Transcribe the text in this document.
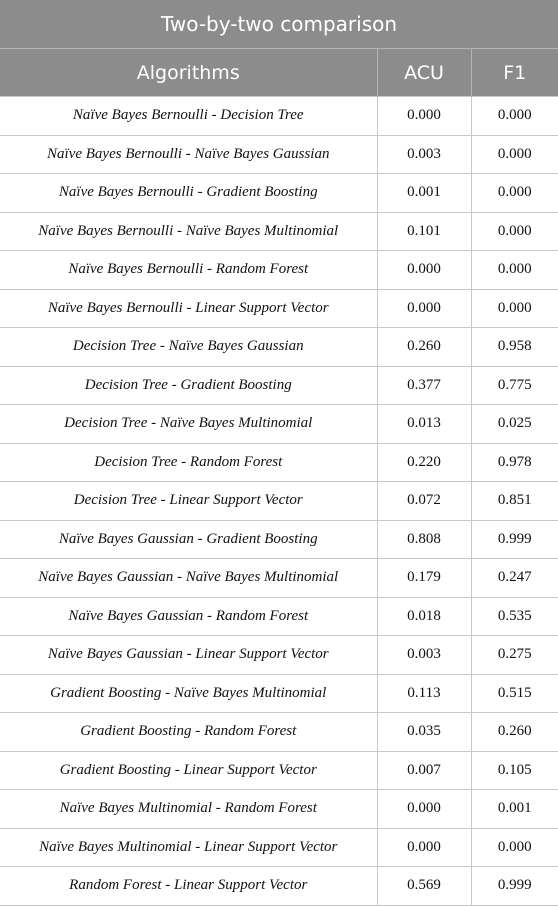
Two-by-two comparison		
Algorithms	ACU	F1
Naïve Bayes Bernoulli - Decision Tree	0.000	0.000
Naïve Bayes Bernoulli - Naïve Bayes Gaussian	0.003	0.000
Naïve Bayes Bernoulli - Gradient Boosting	0.001	0.000
Naïve Bayes Bernoulli - Naïve Bayes Multinomial	0.101	0.000
Naïve Bayes Bernoulli - Random Forest	0.000	0.000
Naïve Bayes Bernoulli - Linear Support Vector	0.000	0.000
Decision Tree - Naïve Bayes Gaussian	0.260	0.958
Decision Tree - Gradient Boosting	0.377	0.775
Decision Tree - Naïve Bayes Multinomial	0.013	0.025
Decision Tree - Random Forest	0.220	0.978
Decision Tree - Linear Support Vector	0.072	0.851
Naïve Bayes Gaussian - Gradient Boosting	0.808	0.999
Naïve Bayes Gaussian - Naïve Bayes Multinomial	0.179	0.247
Naïve Bayes Gaussian - Random Forest	0.018	0.535
Naïve Bayes Gaussian - Linear Support Vector	0.003	0.275
Gradient Boosting - Naïve Bayes Multinomial	0.113	0.515
Gradient Boosting - Random Forest	0.035	0.260
Gradient Boosting - Linear Support Vector	0.007	0.105
Naïve Bayes Multinomial - Random Forest	0.000	0.001
Naïve Bayes Multinomial - Linear Support Vector	0.000	0.000
Random Forest - Linear Support Vector	0.569	0.999
